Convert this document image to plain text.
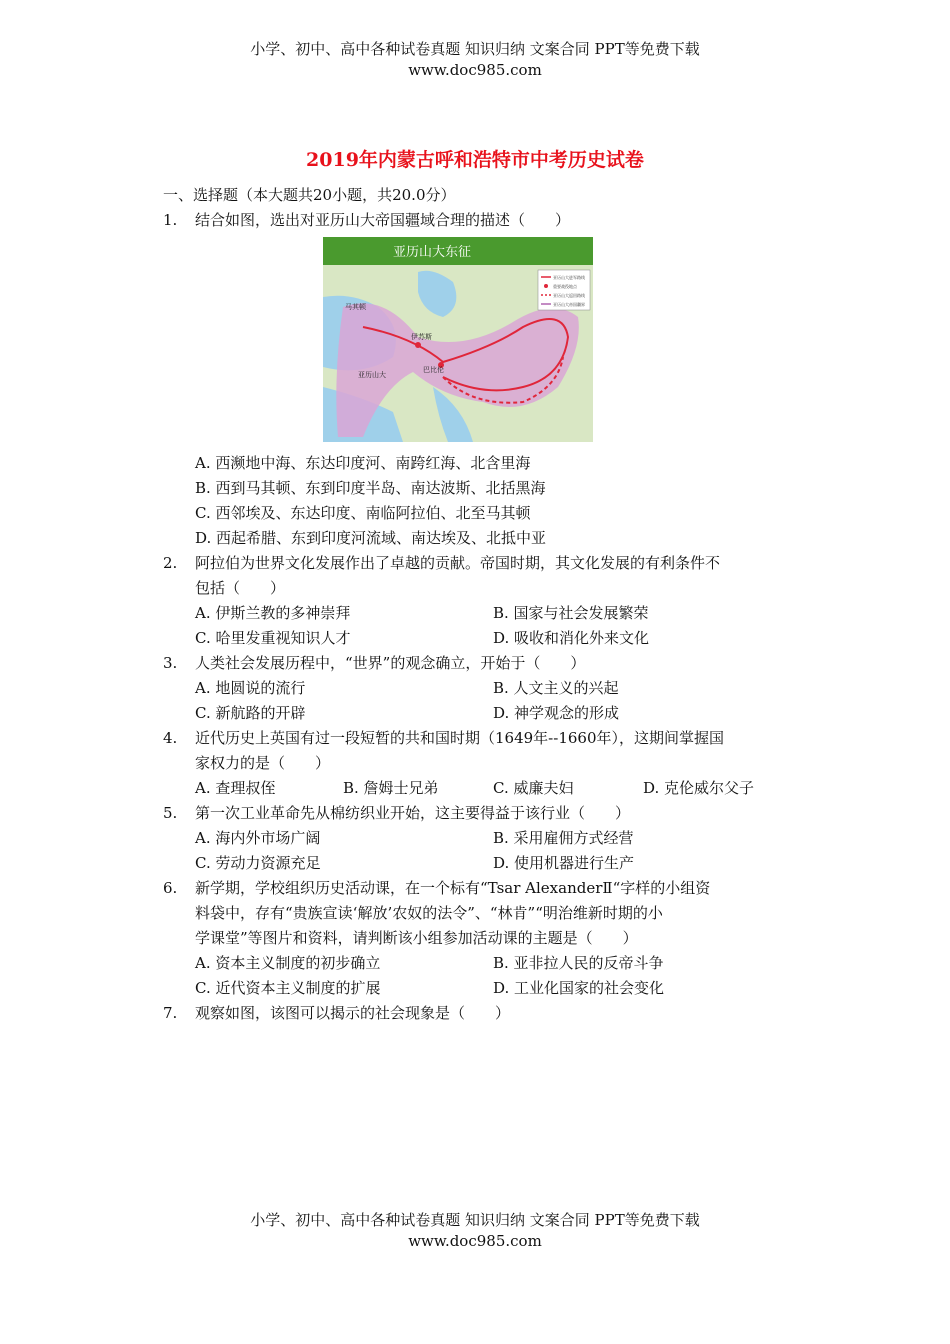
小学、初中、高中各种试卷真题 知识归纳 文案合同 PPT等免费下载
www.doc985.com
2019年内蒙古呼和浩特市中考历史试卷
一、选择题（本大题共20小题，共20.0分）
1. 结合如图，选出对亚历山大帝国疆域合理的描述（　　）
亚历山大东征
马其顿
伊苏斯
亚历山大
巴比伦
亚历山大进军路线
重要战役地点
亚历山大返回路线
亚历山大帝国疆界
A. 西濒地中海、东达印度河、南跨红海、北含里海
B. 西到马其顿、东到印度半岛、南达波斯、北括黑海
C. 西邻埃及、东达印度、南临阿拉伯、北至马其顿
D. 西起希腊、东到印度河流域、南达埃及、北抵中亚
2. 阿拉伯为世界文化发展作出了卓越的贡献。帝国时期，其文化发展的有利条件不
包括（　　）
A. 伊斯兰教的多神崇拜	B. 国家与社会发展繁荣
C. 哈里发重视知识人才	D. 吸收和消化外来文化
3. 人类社会发展历程中，“世界”的观念确立，开始于（　　）
A. 地圆说的流行	B. 人文主义的兴起
C. 新航路的开辟	D. 神学观念的形成
4. 近代历史上英国有过一段短暂的共和国时期（1649年--1660年），这期间掌握国
家权力的是（　　）
A. 查理叔侄	B. 詹姆士兄弟	C. 威廉夫妇	D. 克伦威尔父子
5. 第一次工业革命先从棉纺织业开始，这主要得益于该行业（　　）
A. 海内外市场广阔	B. 采用雇佣方式经营
C. 劳动力资源充足	D. 使用机器进行生产
6. 新学期，学校组织历史活动课，在一个标有“Tsar AlexanderⅡ“字样的小组资
料袋中，存有“贵族宣读‘解放’农奴的法令”、“林肯”“明治维新时期的小
学课堂”等图片和资料，请判断该小组参加活动课的主题是（　　）
A. 资本主义制度的初步确立	B. 亚非拉人民的反帝斗争
C. 近代资本主义制度的扩展	D. 工业化国家的社会变化
7. 观察如图，该图可以揭示的社会现象是（　　）
小学、初中、高中各种试卷真题 知识归纳 文案合同 PPT等免费下载
www.doc985.com
